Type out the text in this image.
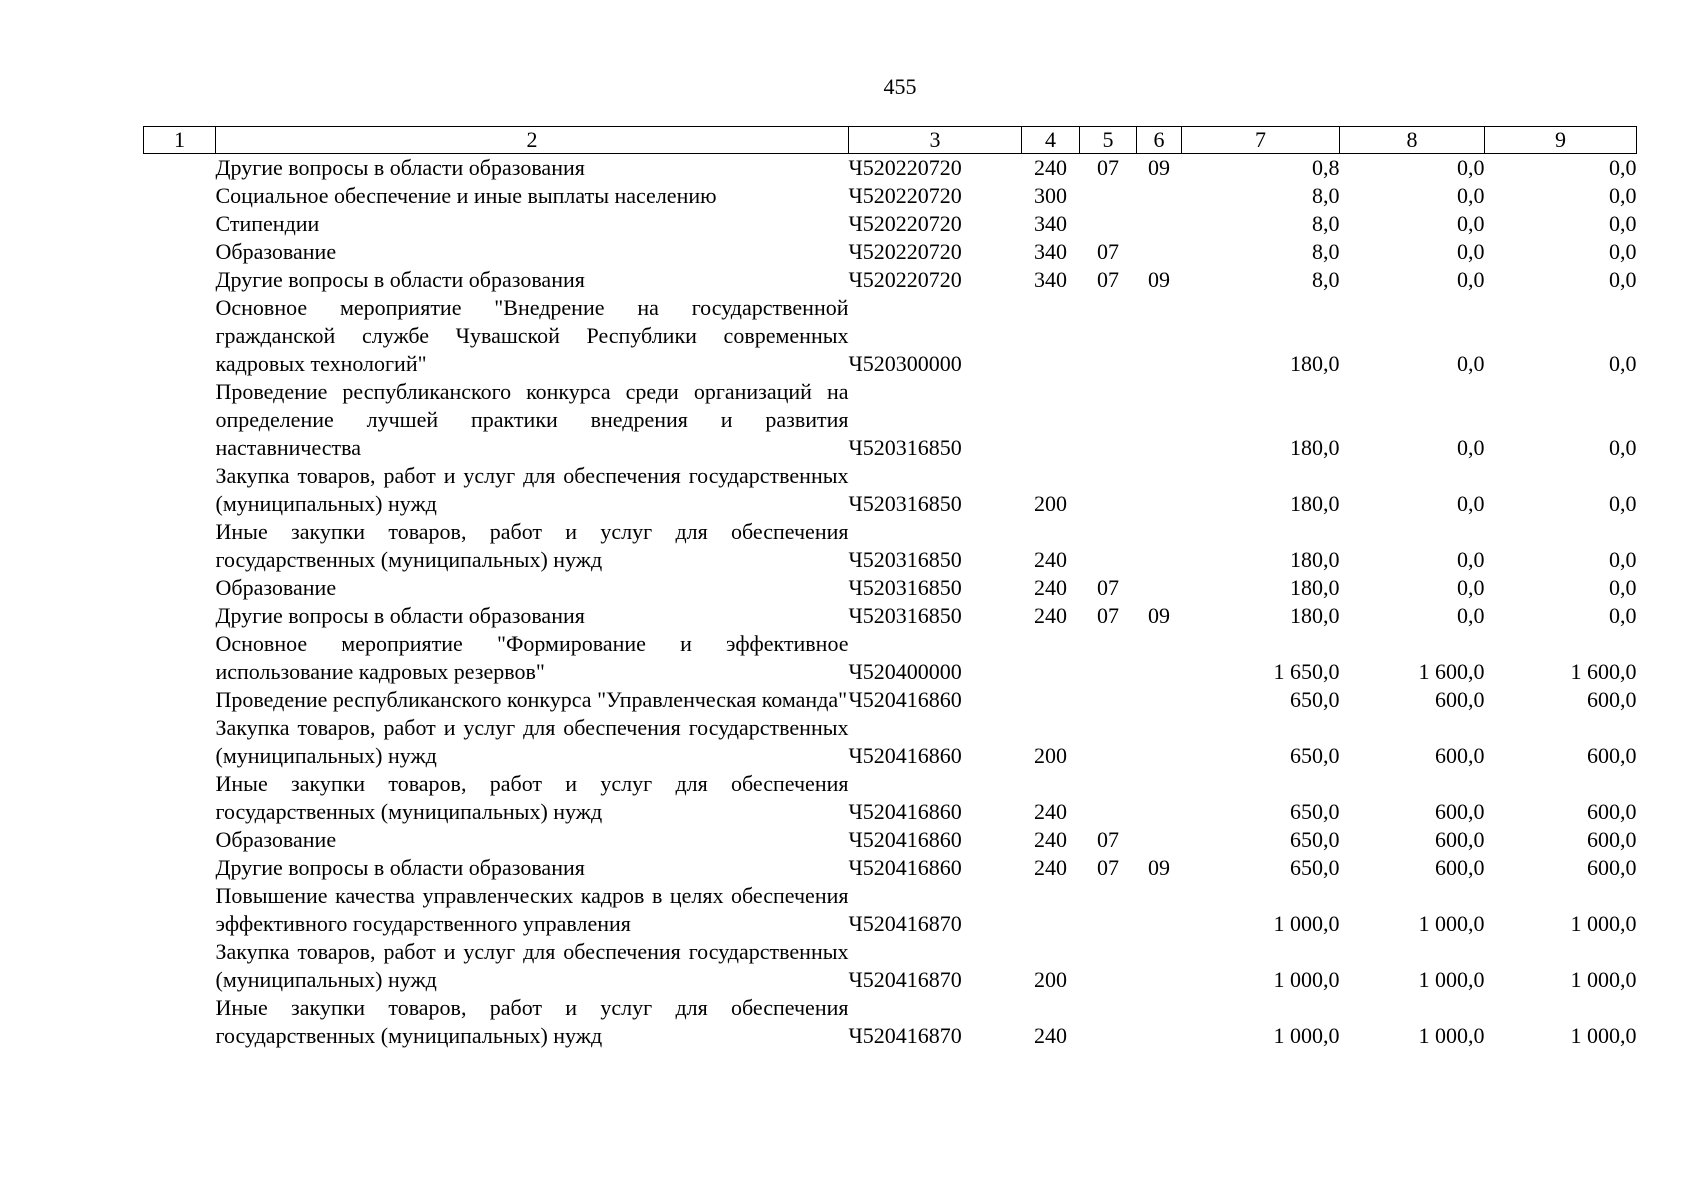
455
1	2	3	4	5	6	7	8	9
	Другие вопросы в области образования	Ч520220720	240	07	09	0,8	0,0	0,0
	Социальное обеспечение и иные выплаты населению	Ч520220720	300			8,0	0,0	0,0
	Стипендии	Ч520220720	340			8,0	0,0	0,0
	Образование	Ч520220720	340	07		8,0	0,0	0,0
	Другие вопросы в области образования	Ч520220720	340	07	09	8,0	0,0	0,0
	Основное мероприятие "Внедрение на государственной гражданской службе Чувашской Республики современных кадровых технологий"	Ч520300000				180,0	0,0	0,0
	Проведение республиканского конкурса среди организаций на определение лучшей практики внедрения и развития наставничества	Ч520316850				180,0	0,0	0,0
	Закупка товаров, работ и услуг для обеспечения государственных (муниципальных) нужд	Ч520316850	200			180,0	0,0	0,0
	Иные закупки товаров, работ и услуг для обеспечения государственных (муниципальных) нужд	Ч520316850	240			180,0	0,0	0,0
	Образование	Ч520316850	240	07		180,0	0,0	0,0
	Другие вопросы в области образования	Ч520316850	240	07	09	180,0	0,0	0,0
	Основное мероприятие "Формирование и эффективное использование кадровых резервов"	Ч520400000				1 650,0	1 600,0	1 600,0
	Проведение республиканского конкурса "Управленческая команда"	Ч520416860				650,0	600,0	600,0
	Закупка товаров, работ и услуг для обеспечения государственных (муниципальных) нужд	Ч520416860	200			650,0	600,0	600,0
	Иные закупки товаров, работ и услуг для обеспечения государственных (муниципальных) нужд	Ч520416860	240			650,0	600,0	600,0
	Образование	Ч520416860	240	07		650,0	600,0	600,0
	Другие вопросы в области образования	Ч520416860	240	07	09	650,0	600,0	600,0
	Повышение качества управленческих кадров в целях обеспечения эффективного государственного управления	Ч520416870				1 000,0	1 000,0	1 000,0
	Закупка товаров, работ и услуг для обеспечения государственных (муниципальных) нужд	Ч520416870	200			1 000,0	1 000,0	1 000,0
	Иные закупки товаров, работ и услуг для обеспечения государственных (муниципальных) нужд	Ч520416870	240			1 000,0	1 000,0	1 000,0
